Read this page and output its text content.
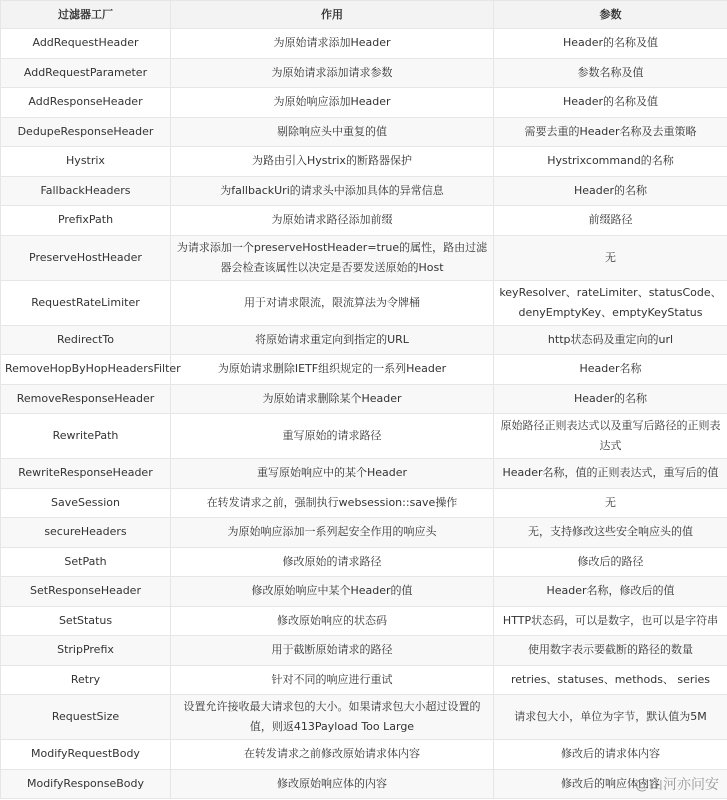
过滤器工厂	作用	参数
AddRequestHeader	为原始请求添加Header	Header的名称及值
AddRequestParameter	为原始请求添加请求参数	参数名称及值
AddResponseHeader	为原始响应添加Header	Header的名称及值
DedupeResponseHeader	剔除响应头中重复的值	需要去重的Header名称及去重策略
Hystrix	为路由引入Hystrix的断路器保护	Hystrixcommand的名称
FallbackHeaders	为fallbackUri的请求头中添加具体的异常信息	Header的名称
PrefixPath	为原始请求路径添加前缀	前缀路径
PreserveHostHeader	为请求添加一个preserveHostHeader=true的属性，路由过滤器会检查该属性以决定是否要发送原始的Host	无
RequestRateLimiter	用于对请求限流，限流算法为令牌桶	keyResolver、rateLimiter、statusCode、denyEmptyKey、emptyKeyStatus
RedirectTo	将原始请求重定向到指定的URL	http状态码及重定向的url
RemoveHopByHopHeadersFilter	为原始请求删除IETF组织规定的一系列Header	Header名称
RemoveResponseHeader	为原始请求删除某个Header	Header的名称
RewritePath	重写原始的请求路径	原始路径正则表达式以及重写后路径的正则表达式
RewriteResponseHeader	重写原始响应中的某个Header	Header名称，值的正则表达式，重写后的值
SaveSession	在转发请求之前，强制执行websession::save操作	无
secureHeaders	为原始响应添加一系列起安全作用的响应头	无，支持修改这些安全响应头的值
SetPath	修改原始的请求路径	修改后的路径
SetResponseHeader	修改原始响应中某个Header的值	Header名称，修改后的值
SetStatus	修改原始响应的状态码	HTTP状态码，可以是数字，也可以是字符串
StripPrefix	用于截断原始请求的路径	使用数字表示要截断的路径的数量
Retry	针对不同的响应进行重试	retries、statuses、methods、 series
RequestSize	设置允许接收最大请求包的大小。如果请求包大小超过设置的值，则返413Payload Too Large	请求包大小，单位为字节，默认值为5M
ModifyRequestBody	在转发请求之前修改原始请求体内容	修改后的请求体内容
ModifyResponseBody	修改原始响应体的内容	修改后的响应体内容
@山河亦问安
